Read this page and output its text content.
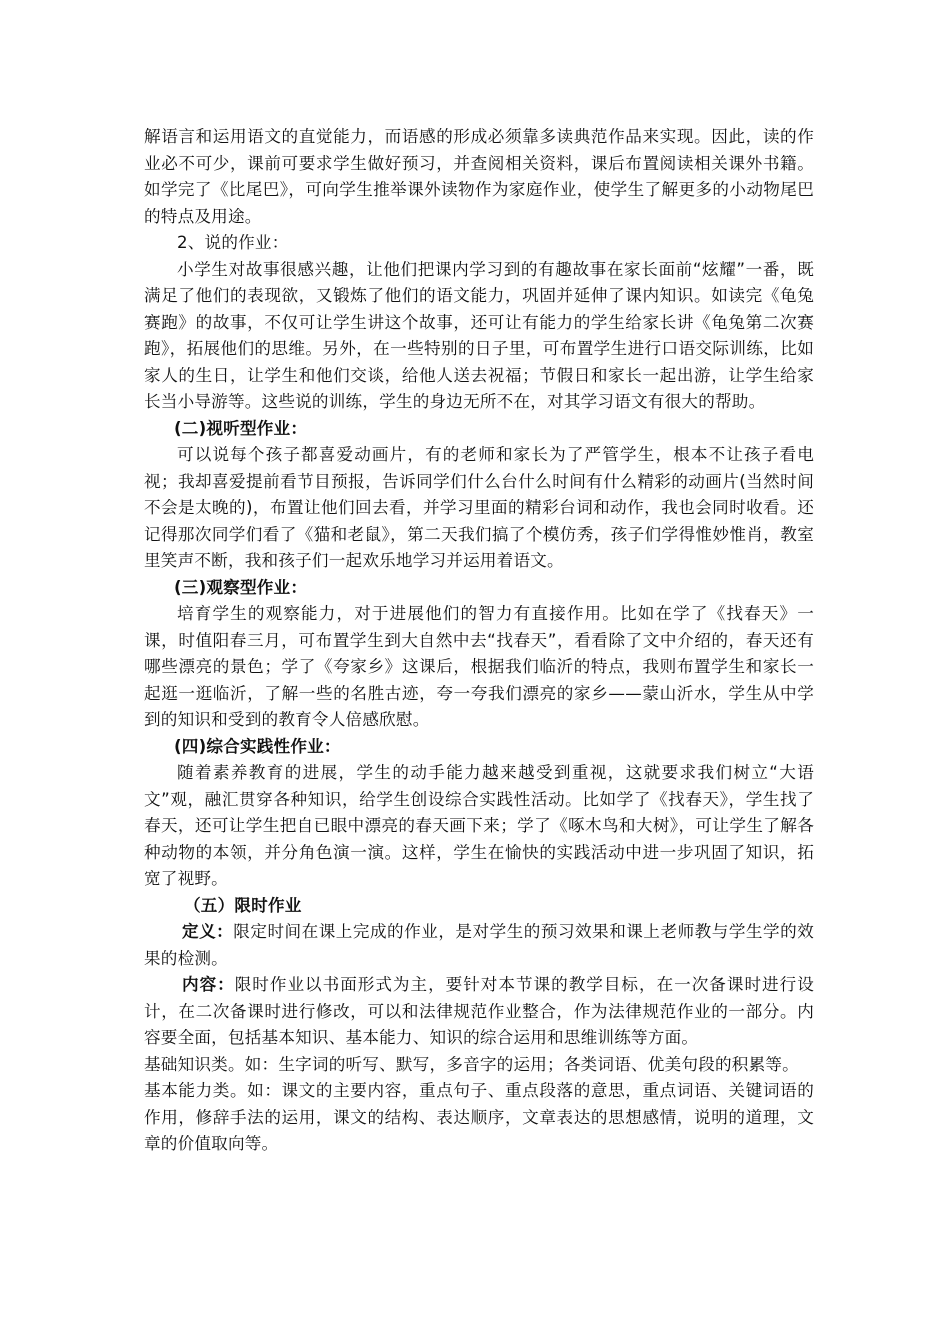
解语言和运用语文的直觉能力，而语感的形成必须靠多读典范作品来实现。因此，读的作业必不可少，课前可要求学生做好预习，并查阅相关资料，课后布置阅读相关课外书籍。如学完了《比尾巴》，可向学生推举课外读物作为家庭作业，使学生了解更多的小动物尾巴的特点及用途。

2、说的作业：

小学生对故事很感兴趣，让他们把课内学习到的有趣故事在家长面前“炫耀”一番，既满足了他们的表现欲，又锻炼了他们的语文能力，巩固并延伸了课内知识。如读完《龟兔赛跑》的故事，不仅可让学生讲这个故事，还可让有能力的学生给家长讲《龟兔第二次赛跑》，拓展他们的思维。另外，在一些特别的日子里，可布置学生进行口语交际训练，比如家人的生日，让学生和他们交谈，给他人送去祝福；节假日和家长一起出游，让学生给家长当小导游等。这些说的训练，学生的身边无所不在，对其学习语文有很大的帮助。

(二)视听型作业：

可以说每个孩子都喜爱动画片，有的老师和家长为了严管学生，根本不让孩子看电视；我却喜爱提前看节目预报，告诉同学们什么台什么时间有什么精彩的动画片(当然时间不会是太晚的)，布置让他们回去看，并学习里面的精彩台词和动作，我也会同时收看。还记得那次同学们看了《猫和老鼠》，第二天我们搞了个模仿秀，孩子们学得惟妙惟肖，教室里笑声不断，我和孩子们一起欢乐地学习并运用着语文。

(三)观察型作业：

培育学生的观察能力，对于进展他们的智力有直接作用。比如在学了《找春天》一课，时值阳春三月，可布置学生到大自然中去“找春天”，看看除了文中介绍的，春天还有哪些漂亮的景色；学了《夸家乡》这课后，根据我们临沂的特点，我则布置学生和家长一起逛一逛临沂，了解一些的名胜古迹，夸一夸我们漂亮的家乡——蒙山沂水，学生从中学到的知识和受到的教育令人倍感欣慰。

(四)综合实践性作业：

随着素养教育的进展，学生的动手能力越来越受到重视，这就要求我们树立“大语文”观，融汇贯穿各种知识，给学生创设综合实践性活动。比如学了《找春天》，学生找了春天，还可让学生把自已眼中漂亮的春天画下来；学了《啄木鸟和大树》，可让学生了解各种动物的本领，并分角色演一演。这样，学生在愉快的实践活动中进一步巩固了知识，拓宽了视野。

（五）限时作业

定义：限定时间在课上完成的作业，是对学生的预习效果和课上老师教与学生学的效果的检测。

内容：限时作业以书面形式为主，要针对本节课的教学目标，在一次备课时进行设计，在二次备课时进行修改，可以和法律规范作业整合，作为法律规范作业的一部分。内容要全面，包括基本知识、基本能力、知识的综合运用和思维训练等方面。

基础知识类。如：生字词的听写、默写，多音字的运用；各类词语、优美句段的积累等。

基本能力类。如：课文的主要内容，重点句子、重点段落的意思，重点词语、关键词语的作用，修辞手法的运用，课文的结构、表达顺序，文章表达的思想感情，说明的道理，文章的价值取向等。
